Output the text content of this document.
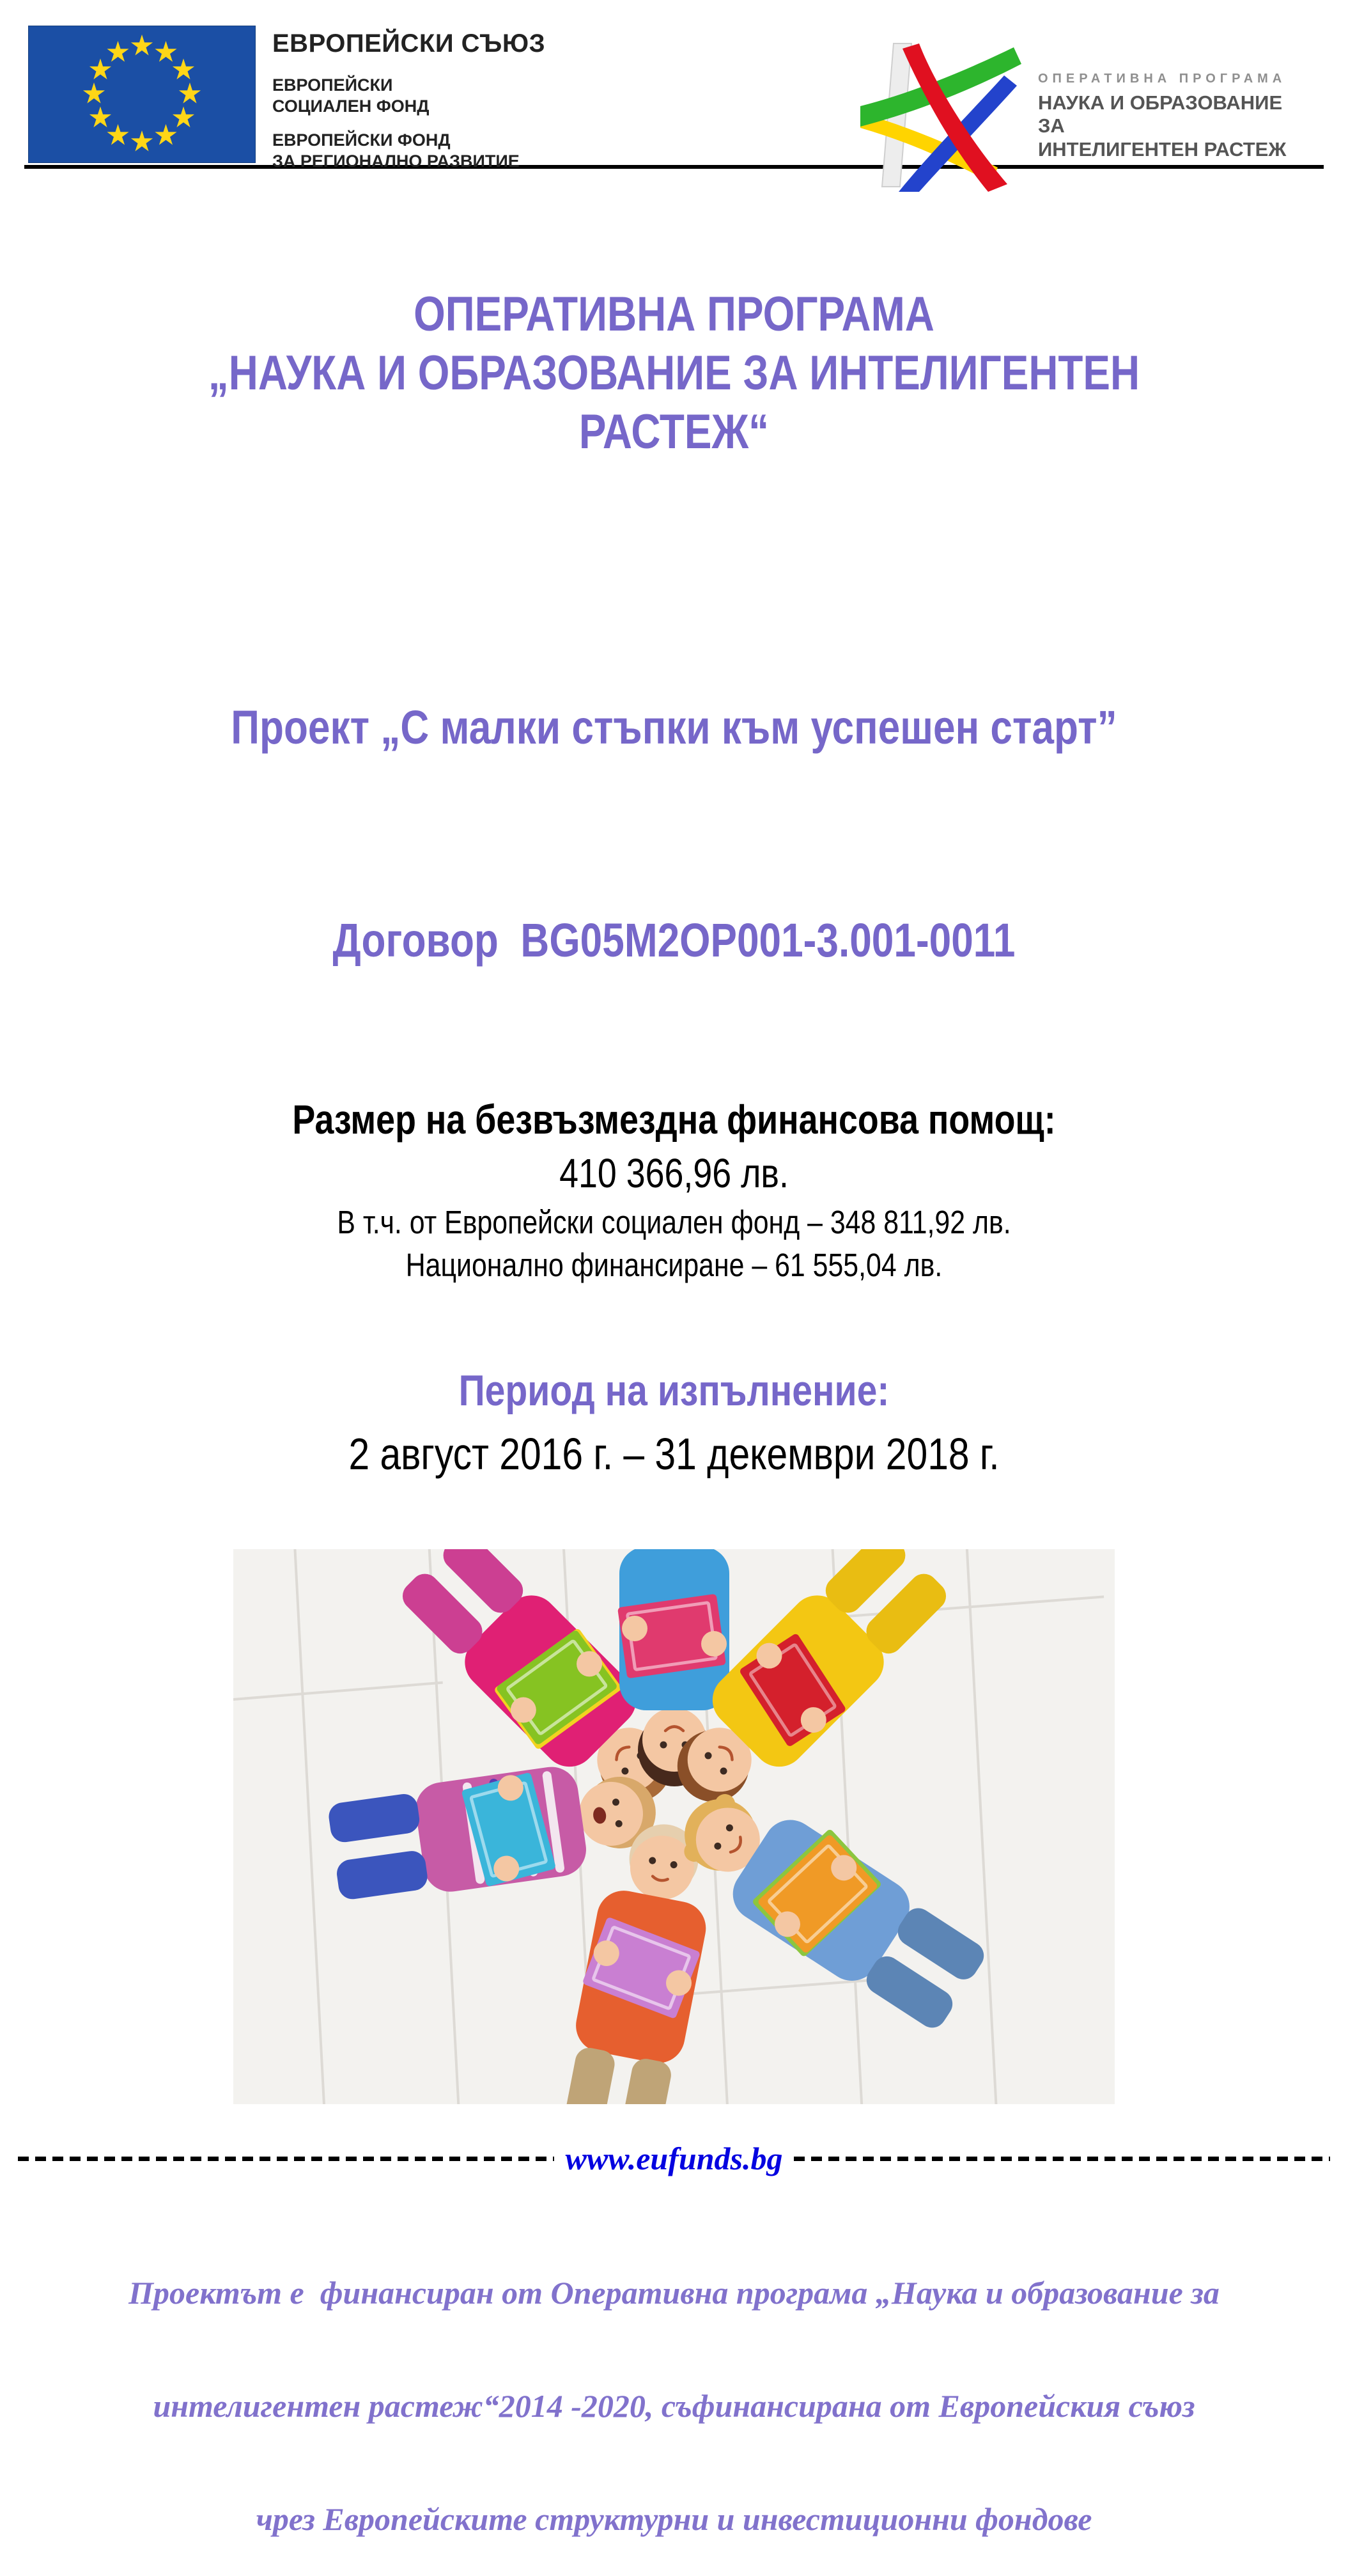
ЕВРОПЕЙСКИ СЪЮЗ
ЕВРОПЕЙСКИ
СОЦИАЛЕН ФОНД
ЕВРОПЕЙСКИ ФОНД
ЗА РЕГИОНАЛНО РАЗВИТИЕ
ОПЕРАТИВНА ПРОГРАМА
НАУКА И ОБРАЗОВАНИЕ ЗА
ИНТЕЛИГЕНТЕН РАСТЕЖ
ОПЕРАТИВНА ПРОГРАМА
„НАУКА И ОБРАЗОВАНИЕ ЗА ИНТЕЛИГЕНТЕН РАСТЕЖ“

Проект „С малки стъпки към успешен старт”

Договор  BG05M2OP001-3.001-0011

Размер на безвъзмездна финансова помощ:
410 366,96 лв.
В т.ч. от Европейски социален фонд – 348 811,92 лв.
Национално финансиране – 61 555,04 лв.
Период на изпълнение:
2 август 2016 г. – 31 декември 2018 г.
www.eufunds.bg

Проектът е  финансиран от Оперативна програма „Наука и образование за

интелигентен растеж“2014 -2020, съфинансирана от Европейския съюз

чрез Европейските структурни и инвестиционни фондове
